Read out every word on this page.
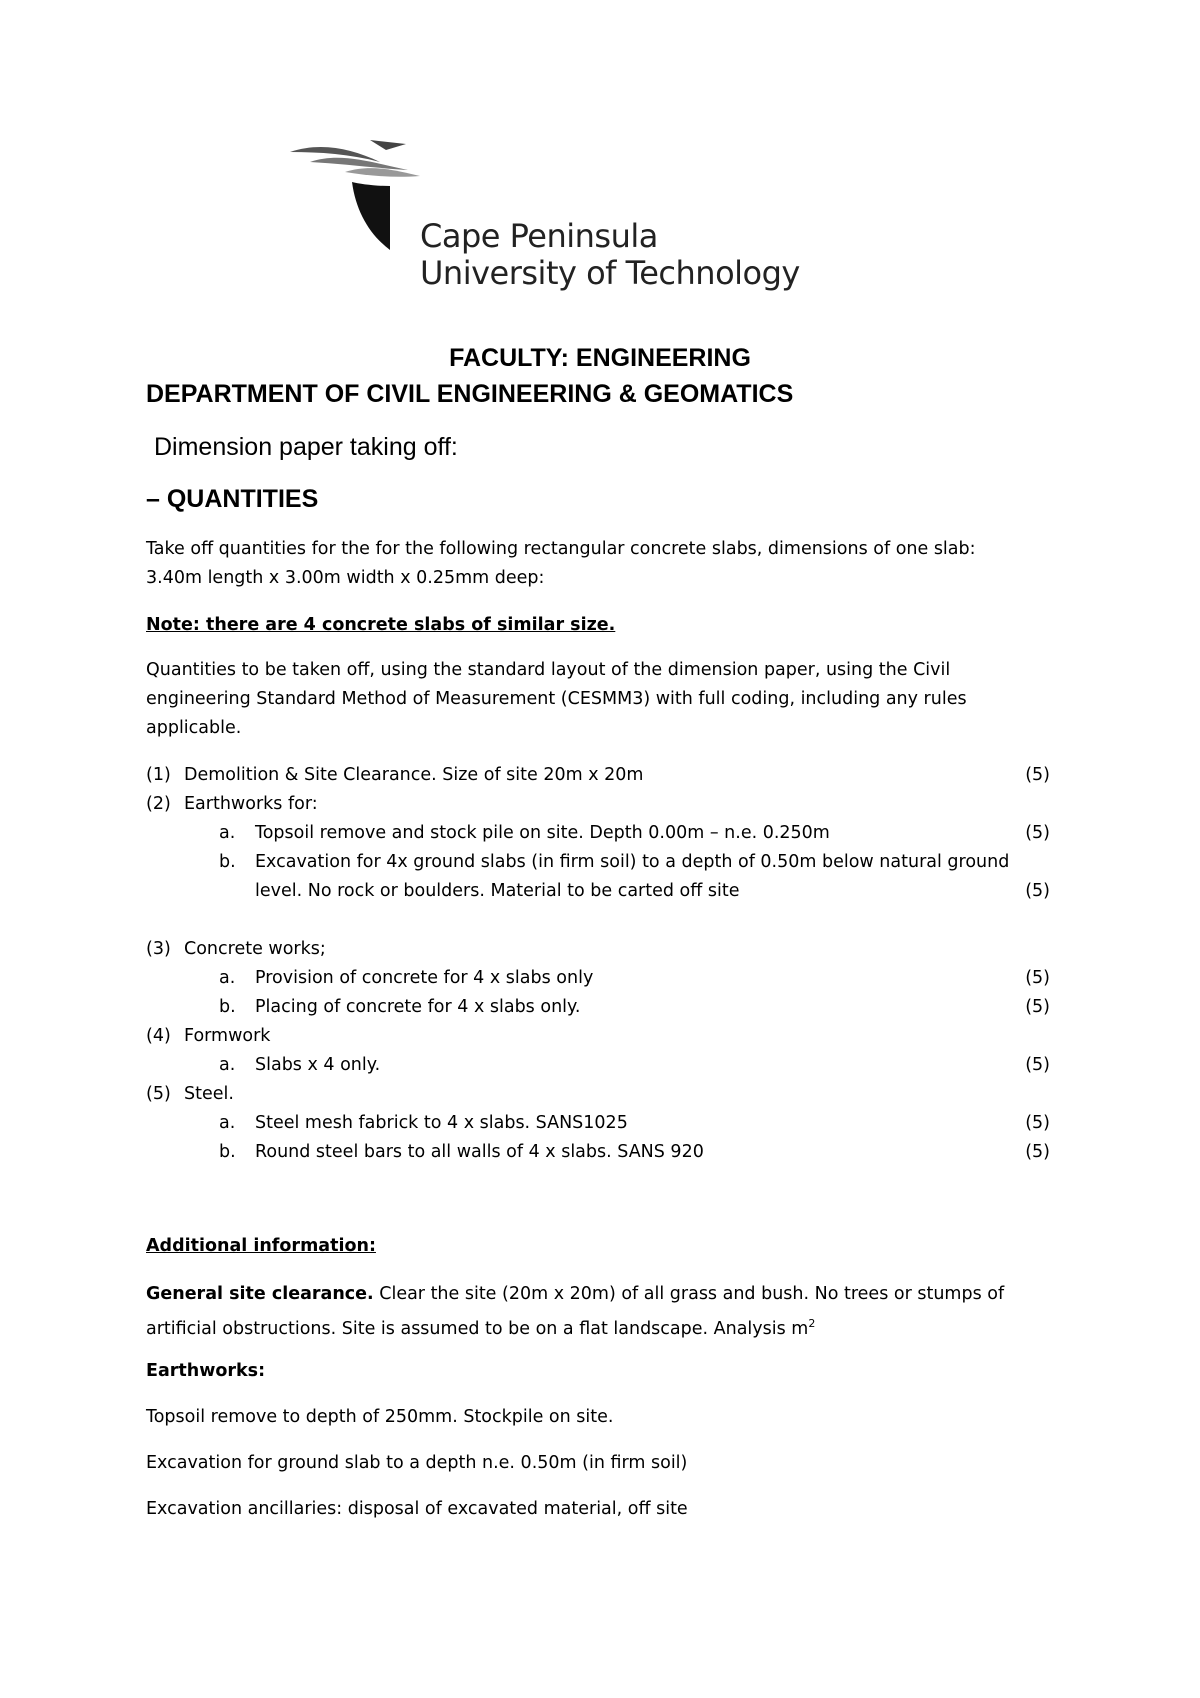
Cape Peninsula
University of Technology
FACULTY: ENGINEERING
DEPARTMENT OF CIVIL ENGINEERING & GEOMATICS
Dimension paper taking off:
– QUANTITIES
Take off quantities for the for the following rectangular concrete slabs, dimensions of one slab:
3.40m length x 3.00m width x 0.25mm deep:
Note: there are 4 concrete slabs of similar size.
Quantities to be taken off, using the standard layout of the dimension paper, using the Civil
engineering Standard Method of Measurement (CESMM3) with full coding, including any rules
applicable.
(1) Demolition & Site Clearance. Size of site 20m x 20m	(5)
(2) Earthworks for:
a. Topsoil remove and stock pile on site. Depth 0.00m – n.e. 0.250m	(5)
b. Excavation for 4x ground slabs (in firm soil) to a depth of 0.50m below natural ground
level. No rock or boulders. Material to be carted off site	(5)
(3) Concrete works;
a. Provision of concrete for 4 x slabs only	(5)
b. Placing of concrete for 4 x slabs only.	(5)
(4) Formwork
a. Slabs x 4 only.	(5)
(5) Steel.
a. Steel mesh fabrick to 4 x slabs. SANS1025	(5)
b. Round steel bars to all walls of 4 x slabs. SANS 920	(5)
Additional information:
General site clearance. Clear the site (20m x 20m) of all grass and bush. No trees or stumps of
artificial obstructions. Site is assumed to be on a flat landscape. Analysis $m^2$
Earthworks:
Topsoil remove to depth of 250mm. Stockpile on site.
Excavation for ground slab to a depth n.e. 0.50m (in firm soil)
Excavation ancillaries: disposal of excavated material, off site
